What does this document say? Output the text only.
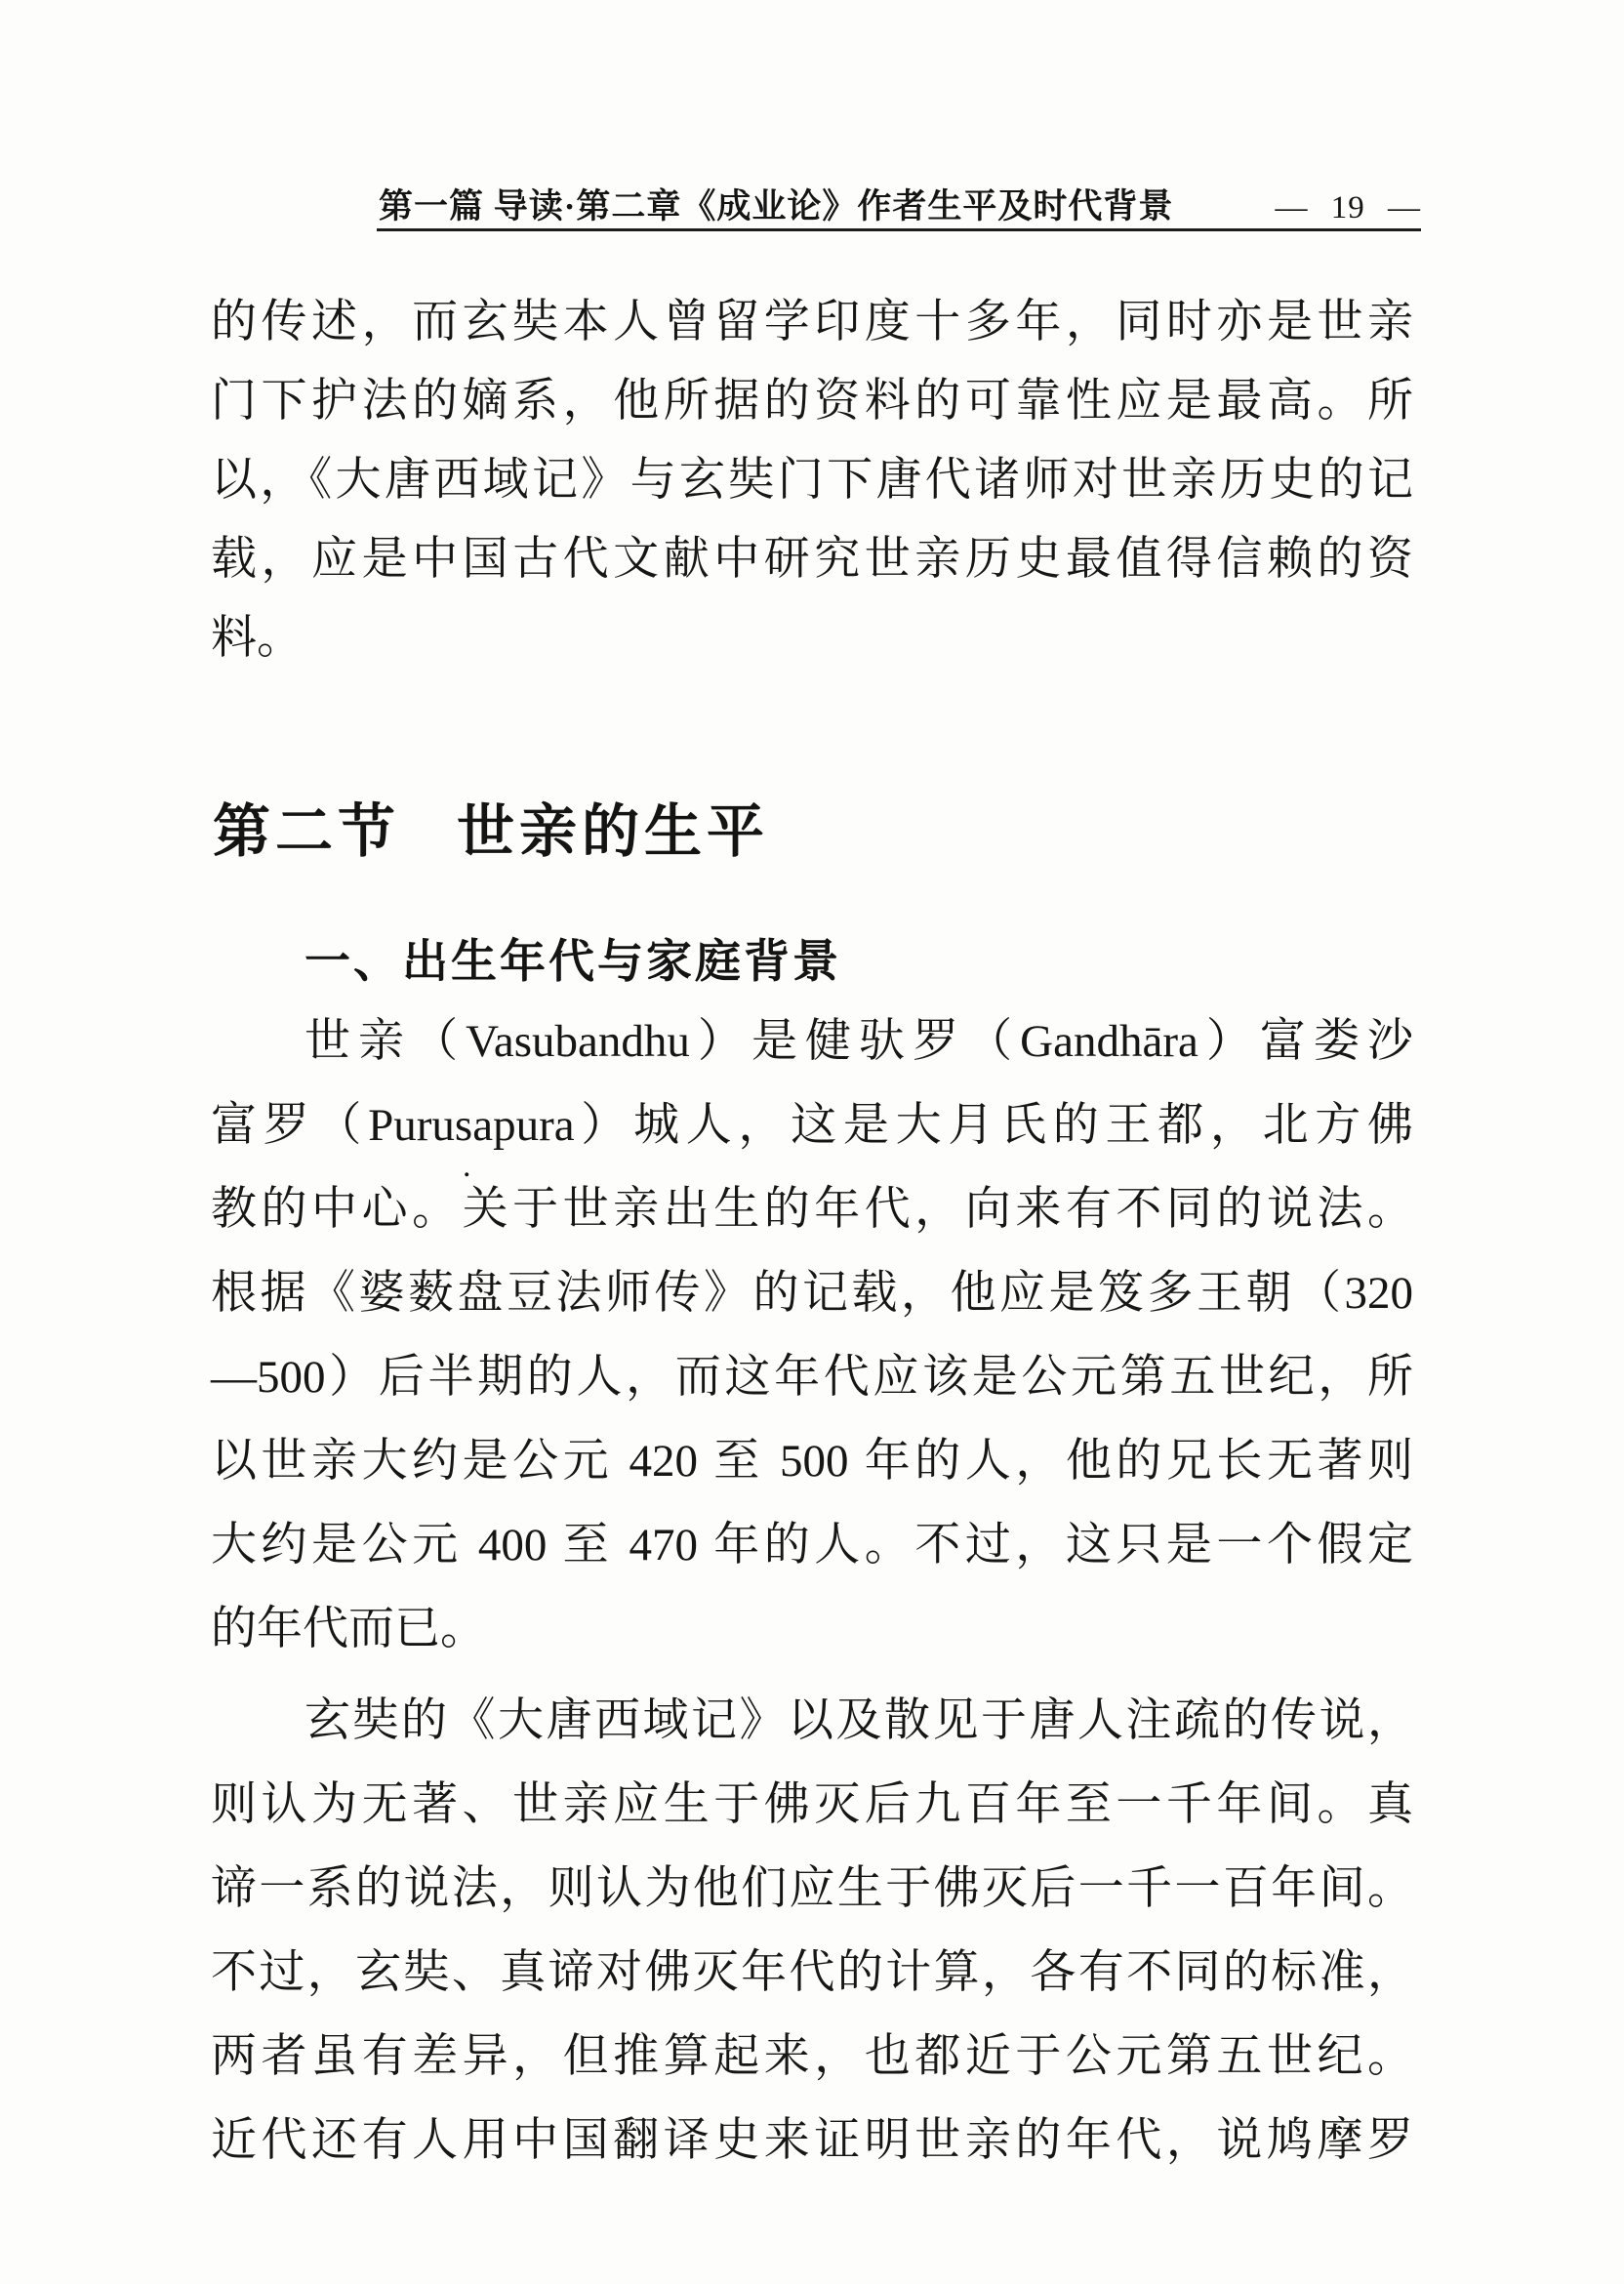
第一篇 导读·第二章《成业论》作者生平及时代背景	— 19 —
的传述，而玄奘本人曾留学印度十多年，同时亦是世亲
门下护法的嫡系，他所据的资料的可靠性应是最高。所
以，《大唐西域记》与玄奘门下唐代诸师对世亲历史的记
载，应是中国古代文献中研究世亲历史最值得信赖的资
料。
第二节 世亲的生平
一、出生年代与家庭背景
世亲（Vasubandhu）是健驮罗（Gandhāra）富娄沙
富罗（Purusapura）城人，这是大月氏的王都，北方佛
教的中心。关于世亲出生的年代，向来有不同的说法。
根据《婆薮盘豆法师传》的记载，他应是笈多王朝（320
—500）后半期的人，而这年代应该是公元第五世纪，所
以世亲大约是公元 420 至 500 年的人，他的兄长无著则
大约是公元 400 至 470 年的人。不过，这只是一个假定
的年代而已。
.
玄奘的《大唐西域记》以及散见于唐人注疏的传说，
则认为无著、世亲应生于佛灭后九百年至一千年间。真
谛一系的说法，则认为他们应生于佛灭后一千一百年间。
不过，玄奘、真谛对佛灭年代的计算，各有不同的标准，
两者虽有差异，但推算起来，也都近于公元第五世纪。
近代还有人用中国翻译史来证明世亲的年代，说鸠摩罗
